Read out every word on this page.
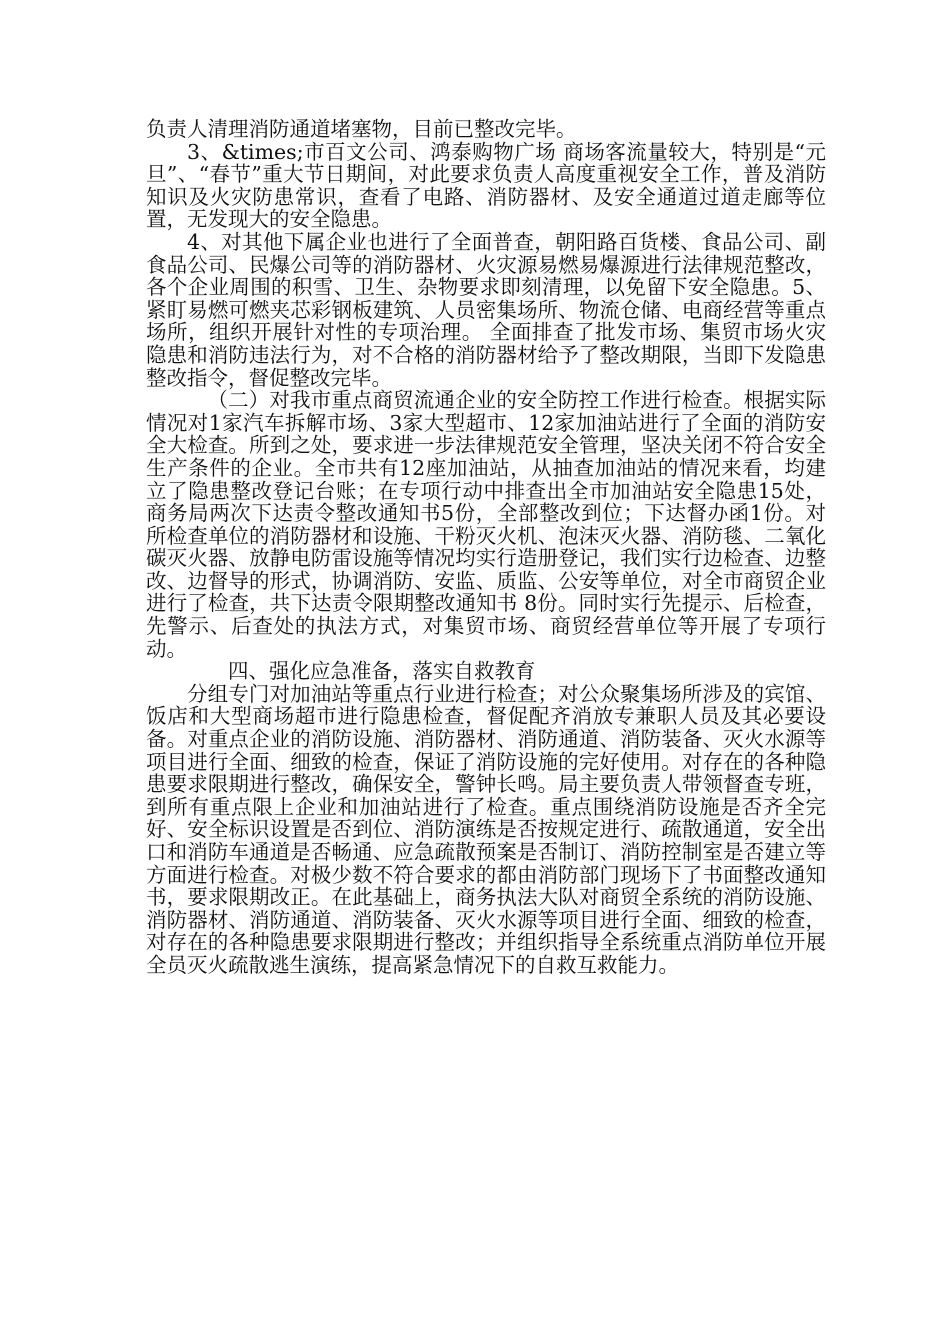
负责人清理消防通道堵塞物，目前已整改完毕。

3、&times;市百文公司、鸿泰购物广场 商场客流量较大，特别是“元旦”、“春节”重大节日期间，对此要求负责人高度重视安全工作，普及消防知识及火灾防患常识，查看了电路、消防器材、及安全通道过道走廊等位置，无发现大的安全隐患。

4、对其他下属企业也进行了全面普查，朝阳路百货楼、食品公司、副食品公司、民爆公司等的消防器材、火灾源易燃易爆源进行法律规范整改，各个企业周围的积雪、卫生、杂物要求即刻清理，以免留下安全隐患。5、紧盯易燃可燃夹芯彩钢板建筑、人员密集场所、物流仓储、电商经营等重点场所，组织开展针对性的专项治理。 全面排查了批发市场、集贸市场火灾隐患和消防违法行为，对不合格的消防器材给予了整改期限，当即下发隐患整改指令，督促整改完毕。

（二）对我市重点商贸流通企业的安全防控工作进行检查。根据实际情况对1家汽车拆解市场、3家大型超市、12家加油站进行了全面的消防安全大检查。所到之处，要求进一步法律规范安全管理，坚决关闭不符合安全生产条件的企业。全市共有12座加油站，从抽查加油站的情况来看，均建立了隐患整改登记台账；在专项行动中排查出全市加油站安全隐患15处，商务局两次下达责令整改通知书5份，全部整改到位；下达督办函1份。对所检查单位的消防器材和设施、干粉灭火机、泡沫灭火器、消防毯、二氧化碳灭火器、放静电防雷设施等情况均实行造册登记，我们实行边检查、边整改、边督导的形式，协调消防、安监、质监、公安等单位，对全市商贸企业进行了检查，共下达责令限期整改通知书 8份。同时实行先提示、后检查，先警示、后查处的执法方式，对集贸市场、商贸经营单位等开展了专项行动。

四、强化应急准备，落实自救教育

分组专门对加油站等重点行业进行检查；对公众聚集场所涉及的宾馆、饭店和大型商场超市进行隐患检查，督促配齐消放专兼职人员及其必要设备。对重点企业的消防设施、消防器材、消防通道、消防装备、灭火水源等项目进行全面、细致的检查，保证了消防设施的完好使用。对存在的各种隐患要求限期进行整改，确保安全，警钟长鸣。局主要负责人带领督查专班，到所有重点限上企业和加油站进行了检查。重点围绕消防设施是否齐全完好、安全标识设置是否到位、消防演练是否按规定进行、疏散通道，安全出口和消防车通道是否畅通、应急疏散预案是否制订、消防控制室是否建立等方面进行检查。对极少数不符合要求的都由消防部门现场下了书面整改通知书，要求限期改正。在此基础上，商务执法大队对商贸全系统的消防设施、消防器材、消防通道、消防装备、灭火水源等项目进行全面、细致的检查，对存在的各种隐患要求限期进行整改；并组织指导全系统重点消防单位开展全员灭火疏散逃生演练，提高紧急情况下的自救互救能力。
